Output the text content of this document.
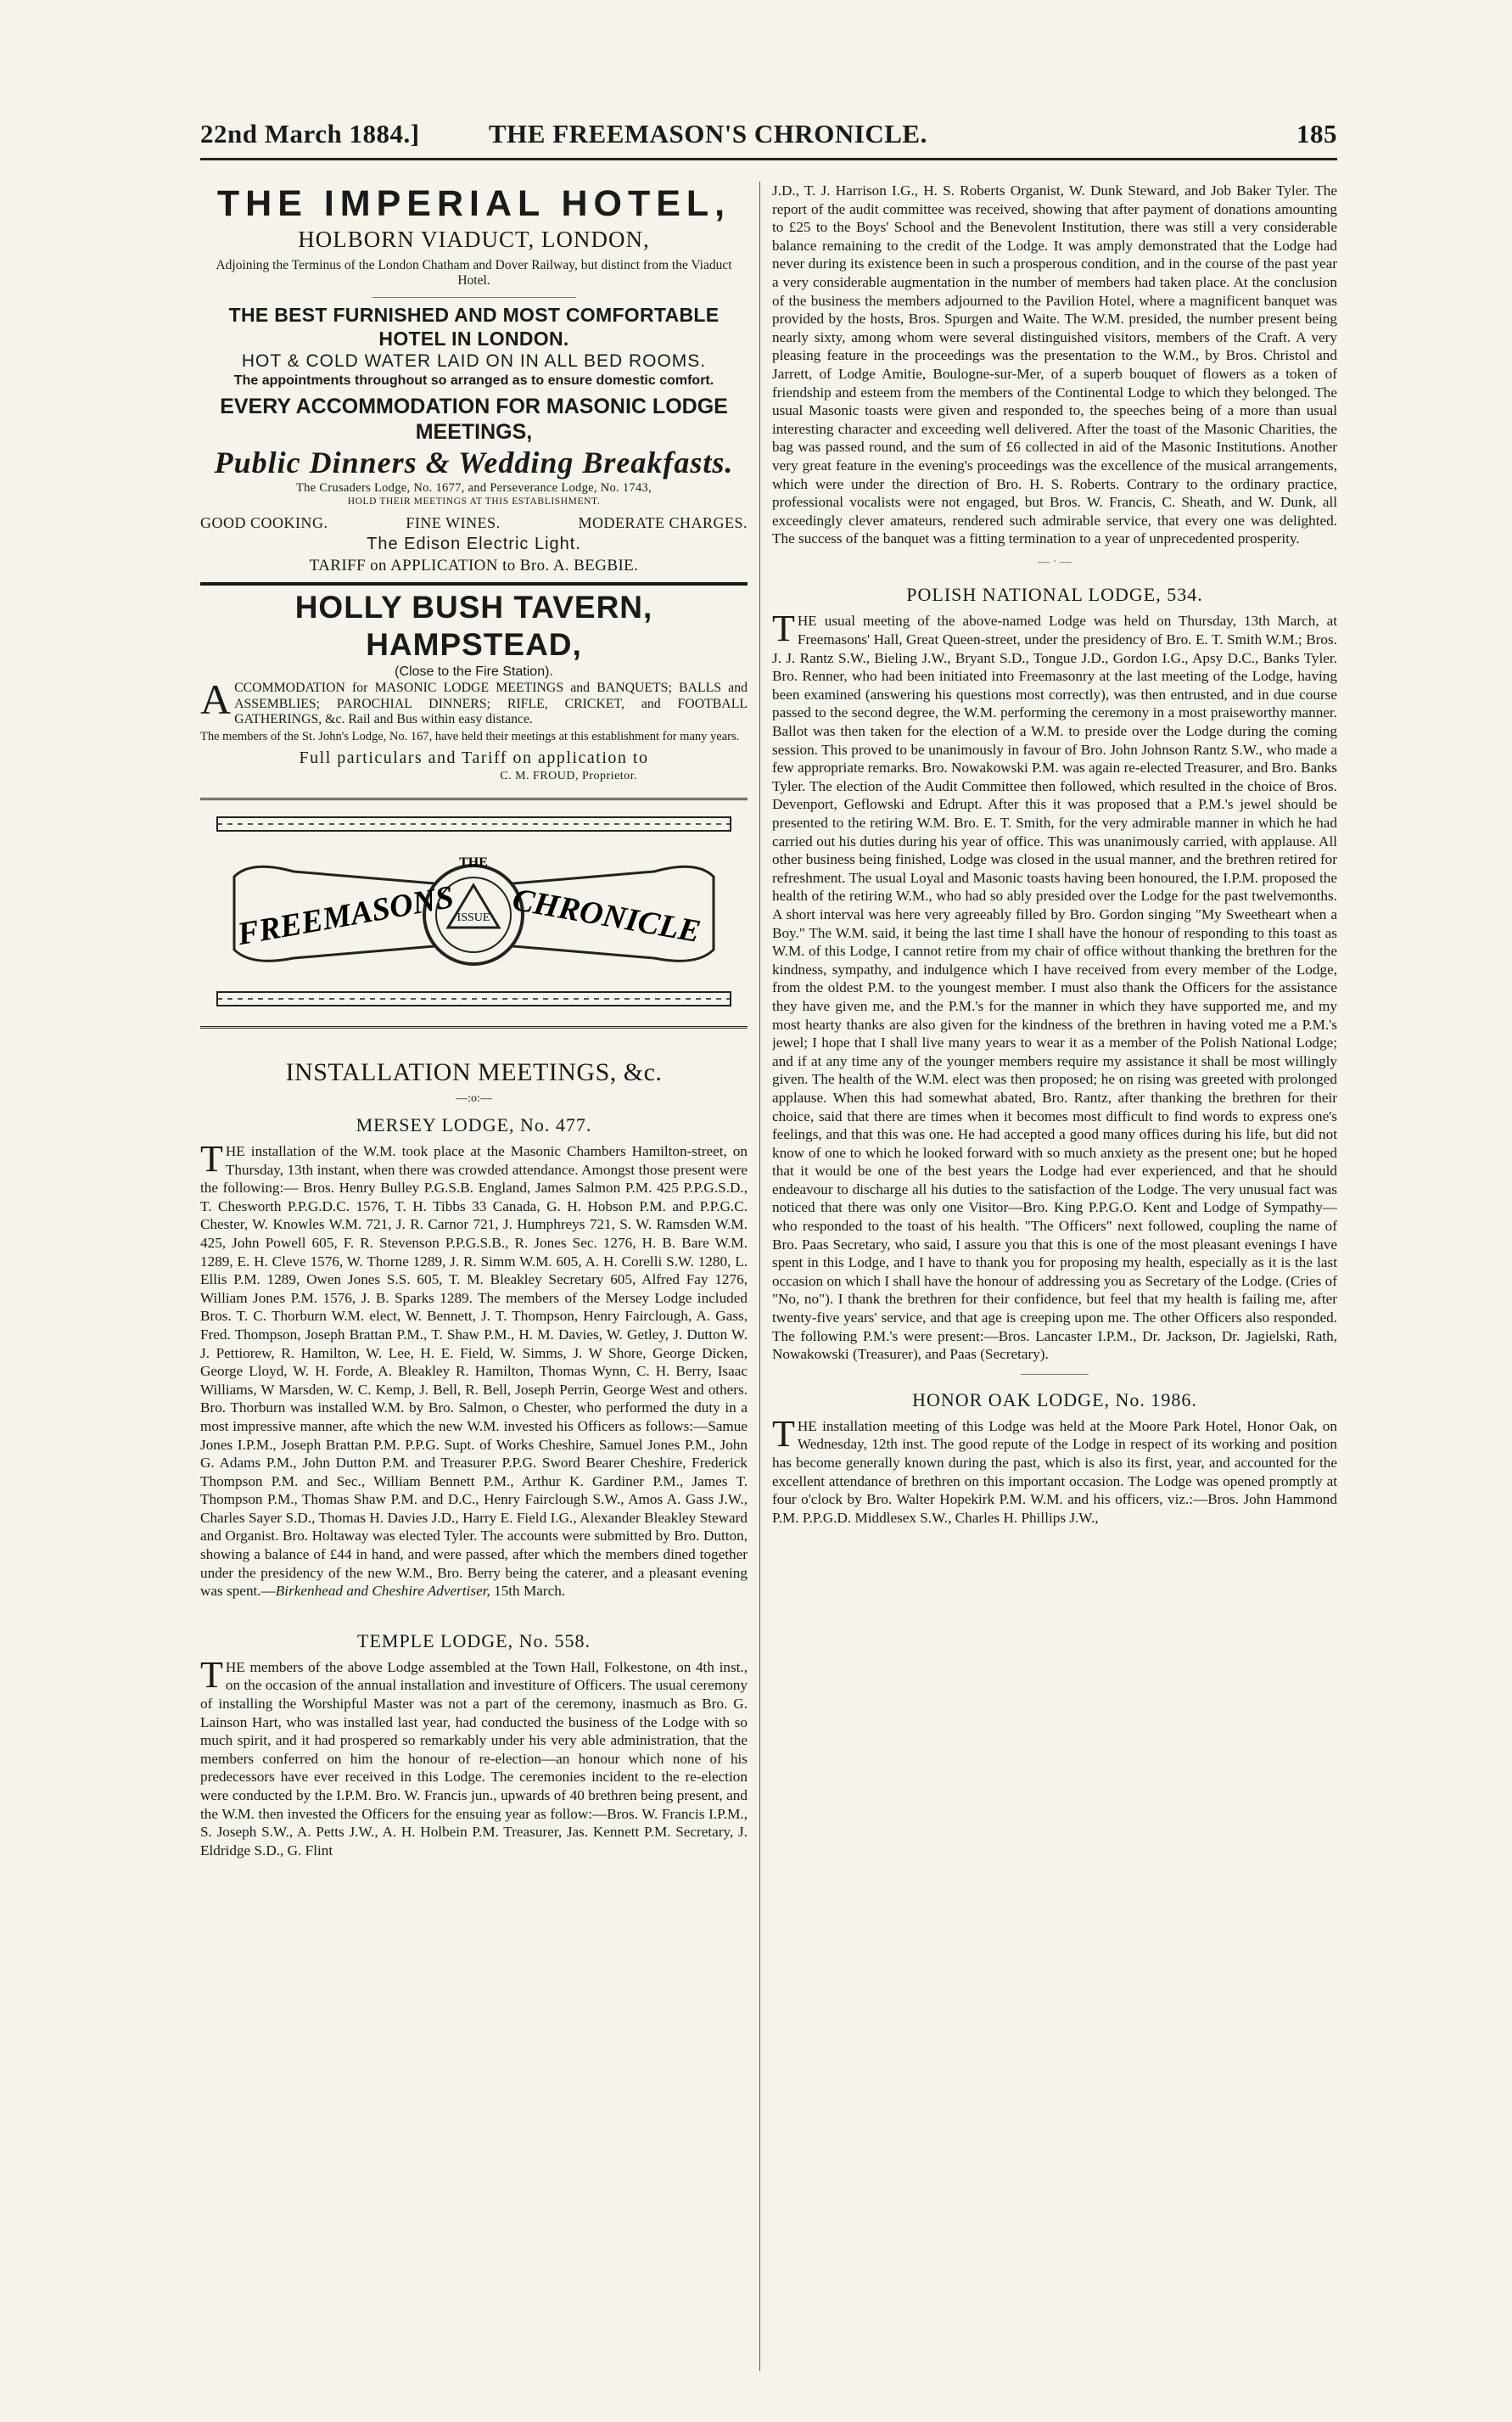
22nd March 1884.]	THE FREEMASON'S CHRONICLE.	185
THE IMPERIAL HOTEL,
HOLBORN VIADUCT, LONDON,
Adjoining the Terminus of the London Chatham and Dover Railway, but distinct from the Viaduct Hotel.
THE BEST FURNISHED AND MOST COMFORTABLE HOTEL IN LONDON.
HOT & COLD WATER LAID ON IN ALL BED ROOMS.
The appointments throughout so arranged as to ensure domestic comfort.
EVERY ACCOMMODATION FOR MASONIC LODGE MEETINGS,
Public Dinners & Wedding Breakfasts.
The Crusaders Lodge, No. 1677, and Perseverance Lodge, No. 1743,
HOLD THEIR MEETINGS AT THIS ESTABLISHMENT.
GOOD COOKING.	FINE WINES.	MODERATE CHARGES.
The Edison Electric Light.
TARIFF on APPLICATION to Bro. A. BEGBIE.
HOLLY BUSH TAVERN, HAMPSTEAD,
(Close to the Fire Station).
A CCOMMODATION for MASONIC LODGE MEETINGS and BANQUETS; BALLS and ASSEMBLIES; PAROCHIAL DINNERS; RIFLE, CRICKET, and FOOTBALL GATHERINGS, &c. Rail and Bus within easy distance.
The members of the St. John's Lodge, No. 167, have held their meetings at this establishment for many years.
Full particulars and Tariff on application to
C. M. FROUD, Proprietor.
THE
ISSUE
FREEMASONS CHRONICLE
INSTALLATION MEETINGS, &c.
—:o:—
MERSEY LODGE, No. 477.
T HE installation of the W.M. took place at the Masonic Chambers Hamilton-street, on Thursday, 13th instant, when there was crowded attendance. Amongst those present were the following:— Bros. Henry Bulley P.G.S.B. England, James Salmon P.M. 425 P.P.G.S.D., T. Chesworth P.P.G.D.C. 1576, T. H. Tibbs 33 Canada, G. H. Hobson P.M. and P.P.G.C. Chester, W. Knowles W.M. 721, J. R. Carnor 721, J. Humphreys 721, S. W. Ramsden W.M. 425, John Powell 605, F. R. Stevenson P.P.G.S.B., R. Jones Sec. 1276, H. B. Bare W.M. 1289, E. H. Cleve 1576, W. Thorne 1289, J. R. Simm W.M. 605, A. H. Corelli S.W. 1280, L. Ellis P.M. 1289, Owen Jones S.S. 605, T. M. Bleakley Secretary 605, Alfred Fay 1276, William Jones P.M. 1576, J. B. Sparks 1289. The members of the Mersey Lodge included Bros. T. C. Thorburn W.M. elect, W. Bennett, J. T. Thompson, Henry Fairclough, A. Gass, Fred. Thompson, Joseph Brattan P.M., T. Shaw P.M., H. M. Davies, W. Getley, J. Dutton W. J. Pettiorew, R. Hamilton, W. Lee, H. E. Field, W. Simms, J. W Shore, George Dicken, George Lloyd, W. H. Forde, A. Bleakley R. Hamilton, Thomas Wynn, C. H. Berry, Isaac Williams, W Marsden, W. C. Kemp, J. Bell, R. Bell, Joseph Perrin, George West and others. Bro. Thorburn was installed W.M. by Bro. Salmon, o Chester, who performed the duty in a most impressive manner, afte which the new W.M. invested his Officers as follows:—Samue Jones I.P.M., Joseph Brattan P.M. P.P.G. Supt. of Works Cheshire, Samuel Jones P.M., John G. Adams P.M., John Dutton P.M. and Treasurer P.P.G. Sword Bearer Cheshire, Frederick Thompson P.M. and Sec., William Bennett P.M., Arthur K. Gardiner P.M., James T. Thompson P.M., Thomas Shaw P.M. and D.C., Henry Fairclough S.W., Amos A. Gass J.W., Charles Sayer S.D., Thomas H. Davies J.D., Harry E. Field I.G., Alexander Bleakley Steward and Organist. Bro. Holtaway was elected Tyler. The accounts were submitted by Bro. Dutton, showing a balance of £44 in hand, and were passed, after which the members dined together under the presidency of the new W.M., Bro. Berry being the caterer, and a pleasant evening was spent.—Birkenhead and Cheshire Advertiser, 15th March.
TEMPLE LODGE, No. 558.
T HE members of the above Lodge assembled at the Town Hall, Folkestone, on 4th inst., on the occasion of the annual installation and investiture of Officers. The usual ceremony of installing the Worshipful Master was not a part of the ceremony, inasmuch as Bro. G. Lainson Hart, who was installed last year, had conducted the business of the Lodge with so much spirit, and it had prospered so remarkably under his very able administration, that the members conferred on him the honour of re-election—an honour which none of his predecessors have ever received in this Lodge. The ceremonies incident to the re-election were conducted by the I.P.M. Bro. W. Francis jun., upwards of 40 brethren being present, and the W.M. then invested the Officers for the ensuing year as follow:—Bros. W. Francis I.P.M., S. Joseph S.W., A. Petts J.W., A. H. Holbein P.M. Treasurer, Jas. Kennett P.M. Secretary, J. Eldridge S.D., G. Flint

J.D., T. J. Harrison I.G., H. S. Roberts Organist, W. Dunk Steward, and Job Baker Tyler. The report of the audit committee was received, showing that after payment of donations amounting to £25 to the Boys' School and the Benevolent Institution, there was still a very considerable balance remaining to the credit of the Lodge. It was amply demonstrated that the Lodge had never during its existence been in such a prosperous condition, and in the course of the past year a very considerable augmentation in the number of members had taken place. At the conclusion of the business the members adjourned to the Pavilion Hotel, where a magnificent banquet was provided by the hosts, Bros. Spurgen and Waite. The W.M. presided, the number present being nearly sixty, among whom were several distinguished visitors, members of the Craft. A very pleasing feature in the proceedings was the presentation to the W.M., by Bros. Christol and Jarrett, of Lodge Amitie, Boulogne-sur-Mer, of a superb bouquet of flowers as a token of friendship and esteem from the members of the Continental Lodge to which they belonged. The usual Masonic toasts were given and responded to, the speeches being of a more than usual interesting character and exceeding well delivered. After the toast of the Masonic Charities, the bag was passed round, and the sum of £6 collected in aid of the Masonic Institutions. Another very great feature in the evening's proceedings was the excellence of the musical arrangements, which were under the direction of Bro. H. S. Roberts. Contrary to the ordinary practice, professional vocalists were not engaged, but Bros. W. Francis, C. Sheath, and W. Dunk, all exceedingly clever amateurs, rendered such admirable service, that every one was delighted. The success of the banquet was a fitting termination to a year of unprecedented prosperity.

— · —
POLISH NATIONAL LODGE, 534.
T HE usual meeting of the above-named Lodge was held on Thursday, 13th March, at Freemasons' Hall, Great Queen-street, under the presidency of Bro. E. T. Smith W.M.; Bros. J. J. Rantz S.W., Bieling J.W., Bryant S.D., Tongue J.D., Gordon I.G., Apsy D.C., Banks Tyler. Bro. Renner, who had been initiated into Freemasonry at the last meeting of the Lodge, having been examined (answering his questions most correctly), was then entrusted, and in due course passed to the second degree, the W.M. performing the ceremony in a most praiseworthy manner. Ballot was then taken for the election of a W.M. to preside over the Lodge during the coming session. This proved to be unanimously in favour of Bro. John Johnson Rantz S.W., who made a few appropriate remarks. Bro. Nowakowski P.M. was again re-elected Treasurer, and Bro. Banks Tyler. The election of the Audit Committee then followed, which resulted in the choice of Bros. Devenport, Geflowski and Edrupt. After this it was proposed that a P.M.'s jewel should be presented to the retiring W.M. Bro. E. T. Smith, for the very admirable manner in which he had carried out his duties during his year of office. This was unanimously carried, with applause. All other business being finished, Lodge was closed in the usual manner, and the brethren retired for refreshment. The usual Loyal and Masonic toasts having been honoured, the I.P.M. proposed the health of the retiring W.M., who had so ably presided over the Lodge for the past twelvemonths. A short interval was here very agreeably filled by Bro. Gordon singing "My Sweetheart when a Boy." The W.M. said, it being the last time I shall have the honour of responding to this toast as W.M. of this Lodge, I cannot retire from my chair of office without thanking the brethren for the kindness, sympathy, and indulgence which I have received from every member of the Lodge, from the oldest P.M. to the youngest member. I must also thank the Officers for the assistance they have given me, and the P.M.'s for the manner in which they have supported me, and my most hearty thanks are also given for the kindness of the brethren in having voted me a P.M.'s jewel; I hope that I shall live many years to wear it as a member of the Polish National Lodge; and if at any time any of the younger members require my assistance it shall be most willingly given. The health of the W.M. elect was then proposed; he on rising was greeted with prolonged applause. When this had somewhat abated, Bro. Rantz, after thanking the brethren for their choice, said that there are times when it becomes most difficult to find words to express one's feelings, and that this was one. He had accepted a good many offices during his life, but did not know of one to which he looked forward with so much anxiety as the present one; but he hoped that it would be one of the best years the Lodge had ever experienced, and that he should endeavour to discharge all his duties to the satisfaction of the Lodge. The very unusual fact was noticed that there was only one Visitor—Bro. King P.P.G.O. Kent and Lodge of Sympathy—who responded to the toast of his health. "The Officers" next followed, coupling the name of Bro. Paas Secretary, who said, I assure you that this is one of the most pleasant evenings I have spent in this Lodge, and I have to thank you for proposing my health, especially as it is the last occasion on which I shall have the honour of addressing you as Secretary of the Lodge. (Cries of "No, no"). I thank the brethren for their confidence, but feel that my health is failing me, after twenty-five years' service, and that age is creeping upon me. The other Officers also responded. The following P.M.'s were present:—Bros. Lancaster I.P.M., Dr. Jackson, Dr. Jagielski, Rath, Nowakowski (Treasurer), and Paas (Secretary).
HONOR OAK LODGE, No. 1986.
T HE installation meeting of this Lodge was held at the Moore Park Hotel, Honor Oak, on Wednesday, 12th inst. The good repute of the Lodge in respect of its working and position has become generally known during the past, which is also its first, year, and accounted for the excellent attendance of brethren on this important occasion. The Lodge was opened promptly at four o'clock by Bro. Walter Hopekirk P.M. W.M. and his officers, viz.:—Bros. John Hammond P.M. P.P.G.D. Middlesex S.W., Charles H. Phillips J.W.,
